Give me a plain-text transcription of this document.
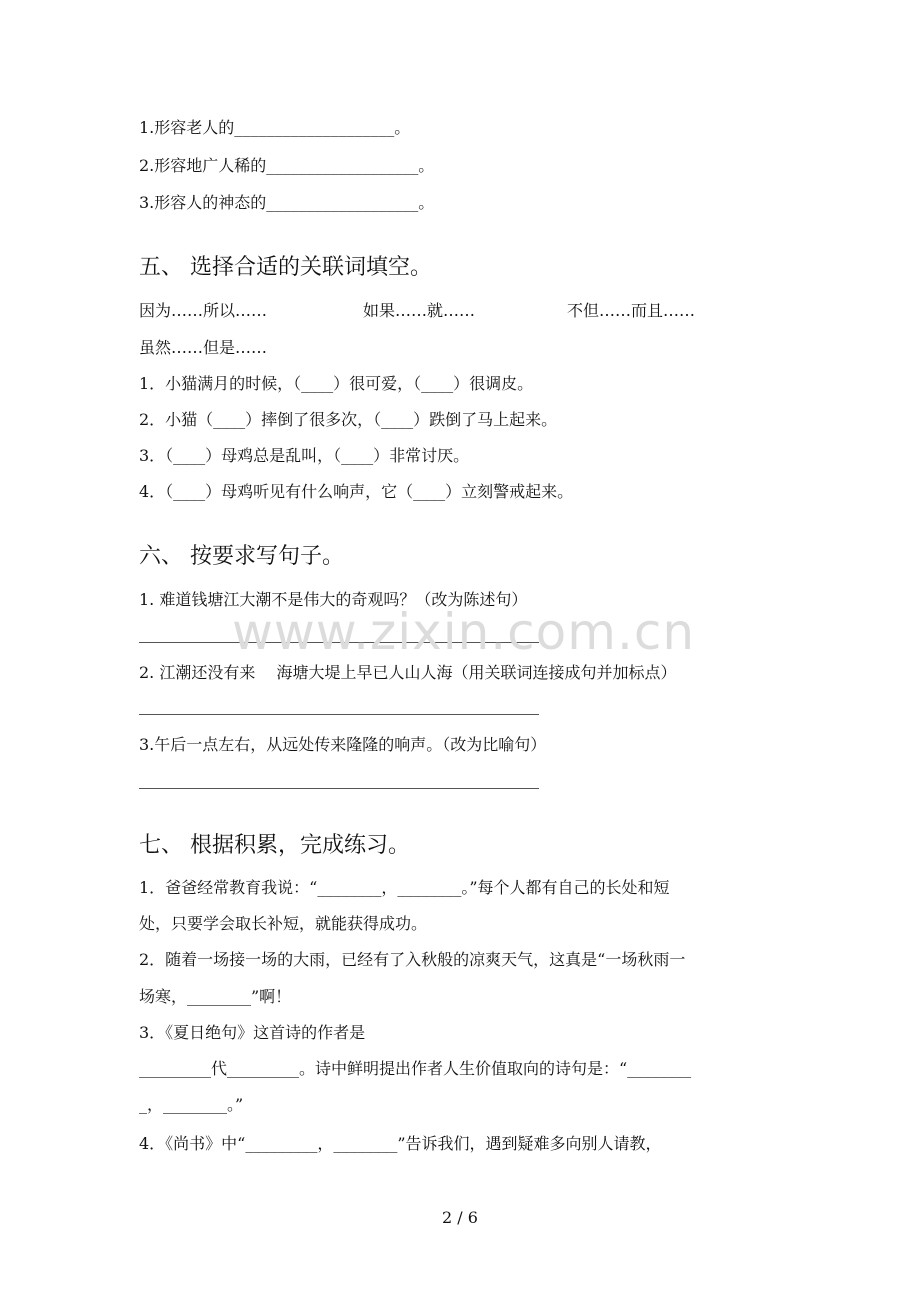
1.形容老人的____________________。
2.形容地广人稀的___________________。
3.形容人的神态的___________________。
五、 选择合适的关联词填空。
因为……所以……	如果……就……	不但……而且……
虽然……但是……
1．小猫满月的时候，（____）很可爱，（____）很调皮。
2．小猫（____）摔倒了很多次，（____）跌倒了马上起来。
3．（____）母鸡总是乱叫，（____）非常讨厌。
4．（____）母鸡听见有什么响声，它（____）立刻警戒起来。
六、 按要求写句子。
1. 难道钱塘江大潮不是伟大的奇观吗？（改为陈述句）
2. 江潮还没有来　 海塘大堤上早已人山人海（用关联词连接成句并加标点）
3.午后一点左右，从远处传来隆隆的响声。（改为比喻句）
七、 根据积累，完成练习。
1．爸爸经常教育我说：“________，________。”每个人都有自己的长处和短
处，只要学会取长补短，就能获得成功。
2．随着一场接一场的大雨，已经有了入秋般的凉爽天气，这真是“一场秋雨一
场寒，________”啊！
3．《夏日绝句》这首诗的作者是
_________代_________。诗中鲜明提出作者人生价值取向的诗句是：“________
_，________。”
4．《尚书》中“_________，________”告诉我们，遇到疑难多向别人请教，
www.zixin.com.cn
2 / 6
